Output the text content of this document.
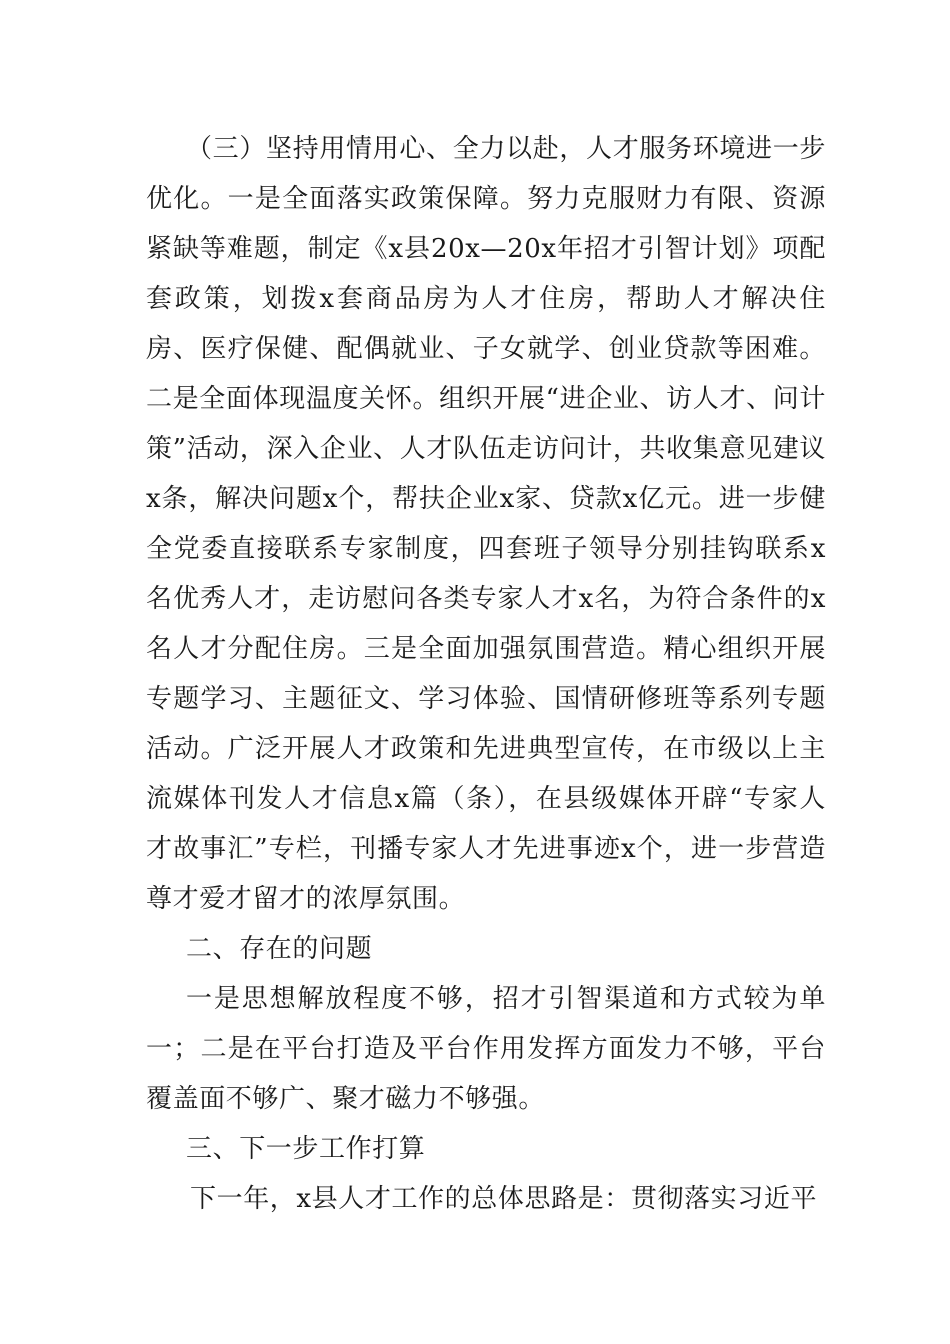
（三）坚持用情用心、全力以赴，人才服务环境进一步优化。一是全面落实政策保障。努力克服财力有限、资源紧缺等难题，制定《x县20x—20x年招才引智计划》项配套政策，划拨x套商品房为人才住房，帮助人才解决住房、医疗保健、配偶就业、子女就学、创业贷款等困难。二是全面体现温度关怀。组织开展“进企业、访人才、问计策”活动，深入企业、人才队伍走访问计，共收集意见建议x条，解决问题x个，帮扶企业x家、贷款x亿元。进一步健全党委直接联系专家制度，四套班子领导分别挂钩联系x名优秀人才，走访慰问各类专家人才x名，为符合条件的x名人才分配住房。三是全面加强氛围营造。精心组织开展专题学习、主题征文、学习体验、国情研修班等系列专题活动。广泛开展人才政策和先进典型宣传，在市级以上主流媒体刊发人才信息x篇（条），在县级媒体开辟“专家人才故事汇”专栏，刊播专家人才先进事迹x个，进一步营造尊才爱才留才的浓厚氛围。

二、存在的问题

一是思想解放程度不够，招才引智渠道和方式较为单一；二是在平台打造及平台作用发挥方面发力不够，平台覆盖面不够广、聚才磁力不够强。

三、下一步工作打算

下一年，x县人才工作的总体思路是：贯彻落实习近平
